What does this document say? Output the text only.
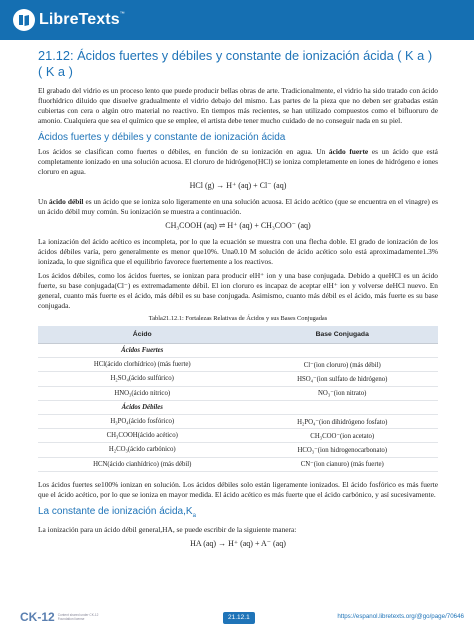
LibreTexts™
21.12: Ácidos fuertes y débiles y constante de ionización ácida ( K a ) ( K a )

El grabado del vidrio es un proceso lento que puede producir bellas obras de arte. Tradicionalmente, el vidrio ha sido tratado con ácido fluorhídrico diluido que disuelve gradualmente el vidrio debajo del mismo. Las partes de la pieza que no deben ser grabadas están cubiertas con cera o algún otro material no reactivo. En tiempos más recientes, se han utilizado compuestos como el bifluoruro de amonio. Cualquiera que sea el químico que se emplee, el artista debe tener mucho cuidado de no conseguir nada en su piel.

Ácidos fuertes y débiles y constante de ionización ácida

Los ácidos se clasifican como fuertes o débiles, en función de su ionización en agua. Un ácido fuerte es un ácido que está completamente ionizado en una solución acuosa. El cloruro de hidrógeno(HCl) se ioniza completamente en iones de hidrógeno e iones cloruro en agua.

HCl (g) → H⁺ (aq) + Cl⁻ (aq)

Un ácido débil es un ácido que se ioniza solo ligeramente en una solución acuosa. El ácido acético (que se encuentra en el vinagre) es un ácido débil muy común. Su ionización se muestra a continuación.

CH₃COOH (aq) ⇌ H⁺ (aq) + CH₃COO⁻ (aq)

La ionización del ácido acético es incompleta, por lo que la ecuación se muestra con una flecha doble. El grado de ionización de los ácidos débiles varía, pero generalmente es menor que10%. Una0.10 M solución de ácido acético solo está aproximadamente1.3% ionizada, lo que significa que el equilibrio favorece fuertemente a los reactivos.

Los ácidos débiles, como los ácidos fuertes, se ionizan para producir elH⁺ ion y una base conjugada. Debido a queHCl es un ácido fuerte, su base conjugada(Cl⁻) es extremadamente débil. El ion cloruro es incapaz de aceptar elH⁺ ion y volverse deHCl nuevo. En general, cuanto más fuerte es el ácido, más débil es su base conjugada. Asimismo, cuanto más débil es el ácido, más fuerte es su base conjugada.

Tabla21.12.1: Fortalezas Relativas de Ácidos y sus Bases Conjugadas
Ácido	Base Conjugada
Ácidos Fuertes	
HCl(ácido clorhídrico) (más fuerte)	Cl⁻(ion cloruro) (más débil)
H₂SO₄(ácido sulfúrico)	HSO₄⁻(ion sulfato de hidrógeno)
HNO₃(ácido nítrico)	NO₃⁻(ion nitrato)
Ácidos Débiles	
H₃PO₄(ácido fosfórico)	H₂PO₄⁻(ion dihidrógeno fosfato)
CH₃COOH(ácido acético)	CH₃COO⁻(ion acetato)
H₂CO₃(ácido carbónico)	HCO₃⁻(ion hidrogenocarbonato)
HCN(ácido cianhídrico) (más débil)	CN⁻(ion cianuro) (más fuerte)

Los ácidos fuertes se100% ionizan en solución. Los ácidos débiles solo están ligeramente ionizados. El ácido fosfórico es más fuerte que el ácido acético, por lo que se ioniza en mayor medida. El ácido acético es más fuerte que el ácido carbónico, y así sucesivamente.

La constante de ionización $ácida,K_a$

La ionización para un ácido débil general,HA, se puede escribir de la siguiente manera:

HA (aq) → H⁺ (aq) + A⁻ (aq)
CK-12 Content shared under CK-12 Foundation license	21.12.1	https://espanol.libretexts.org/@go/page/70646
